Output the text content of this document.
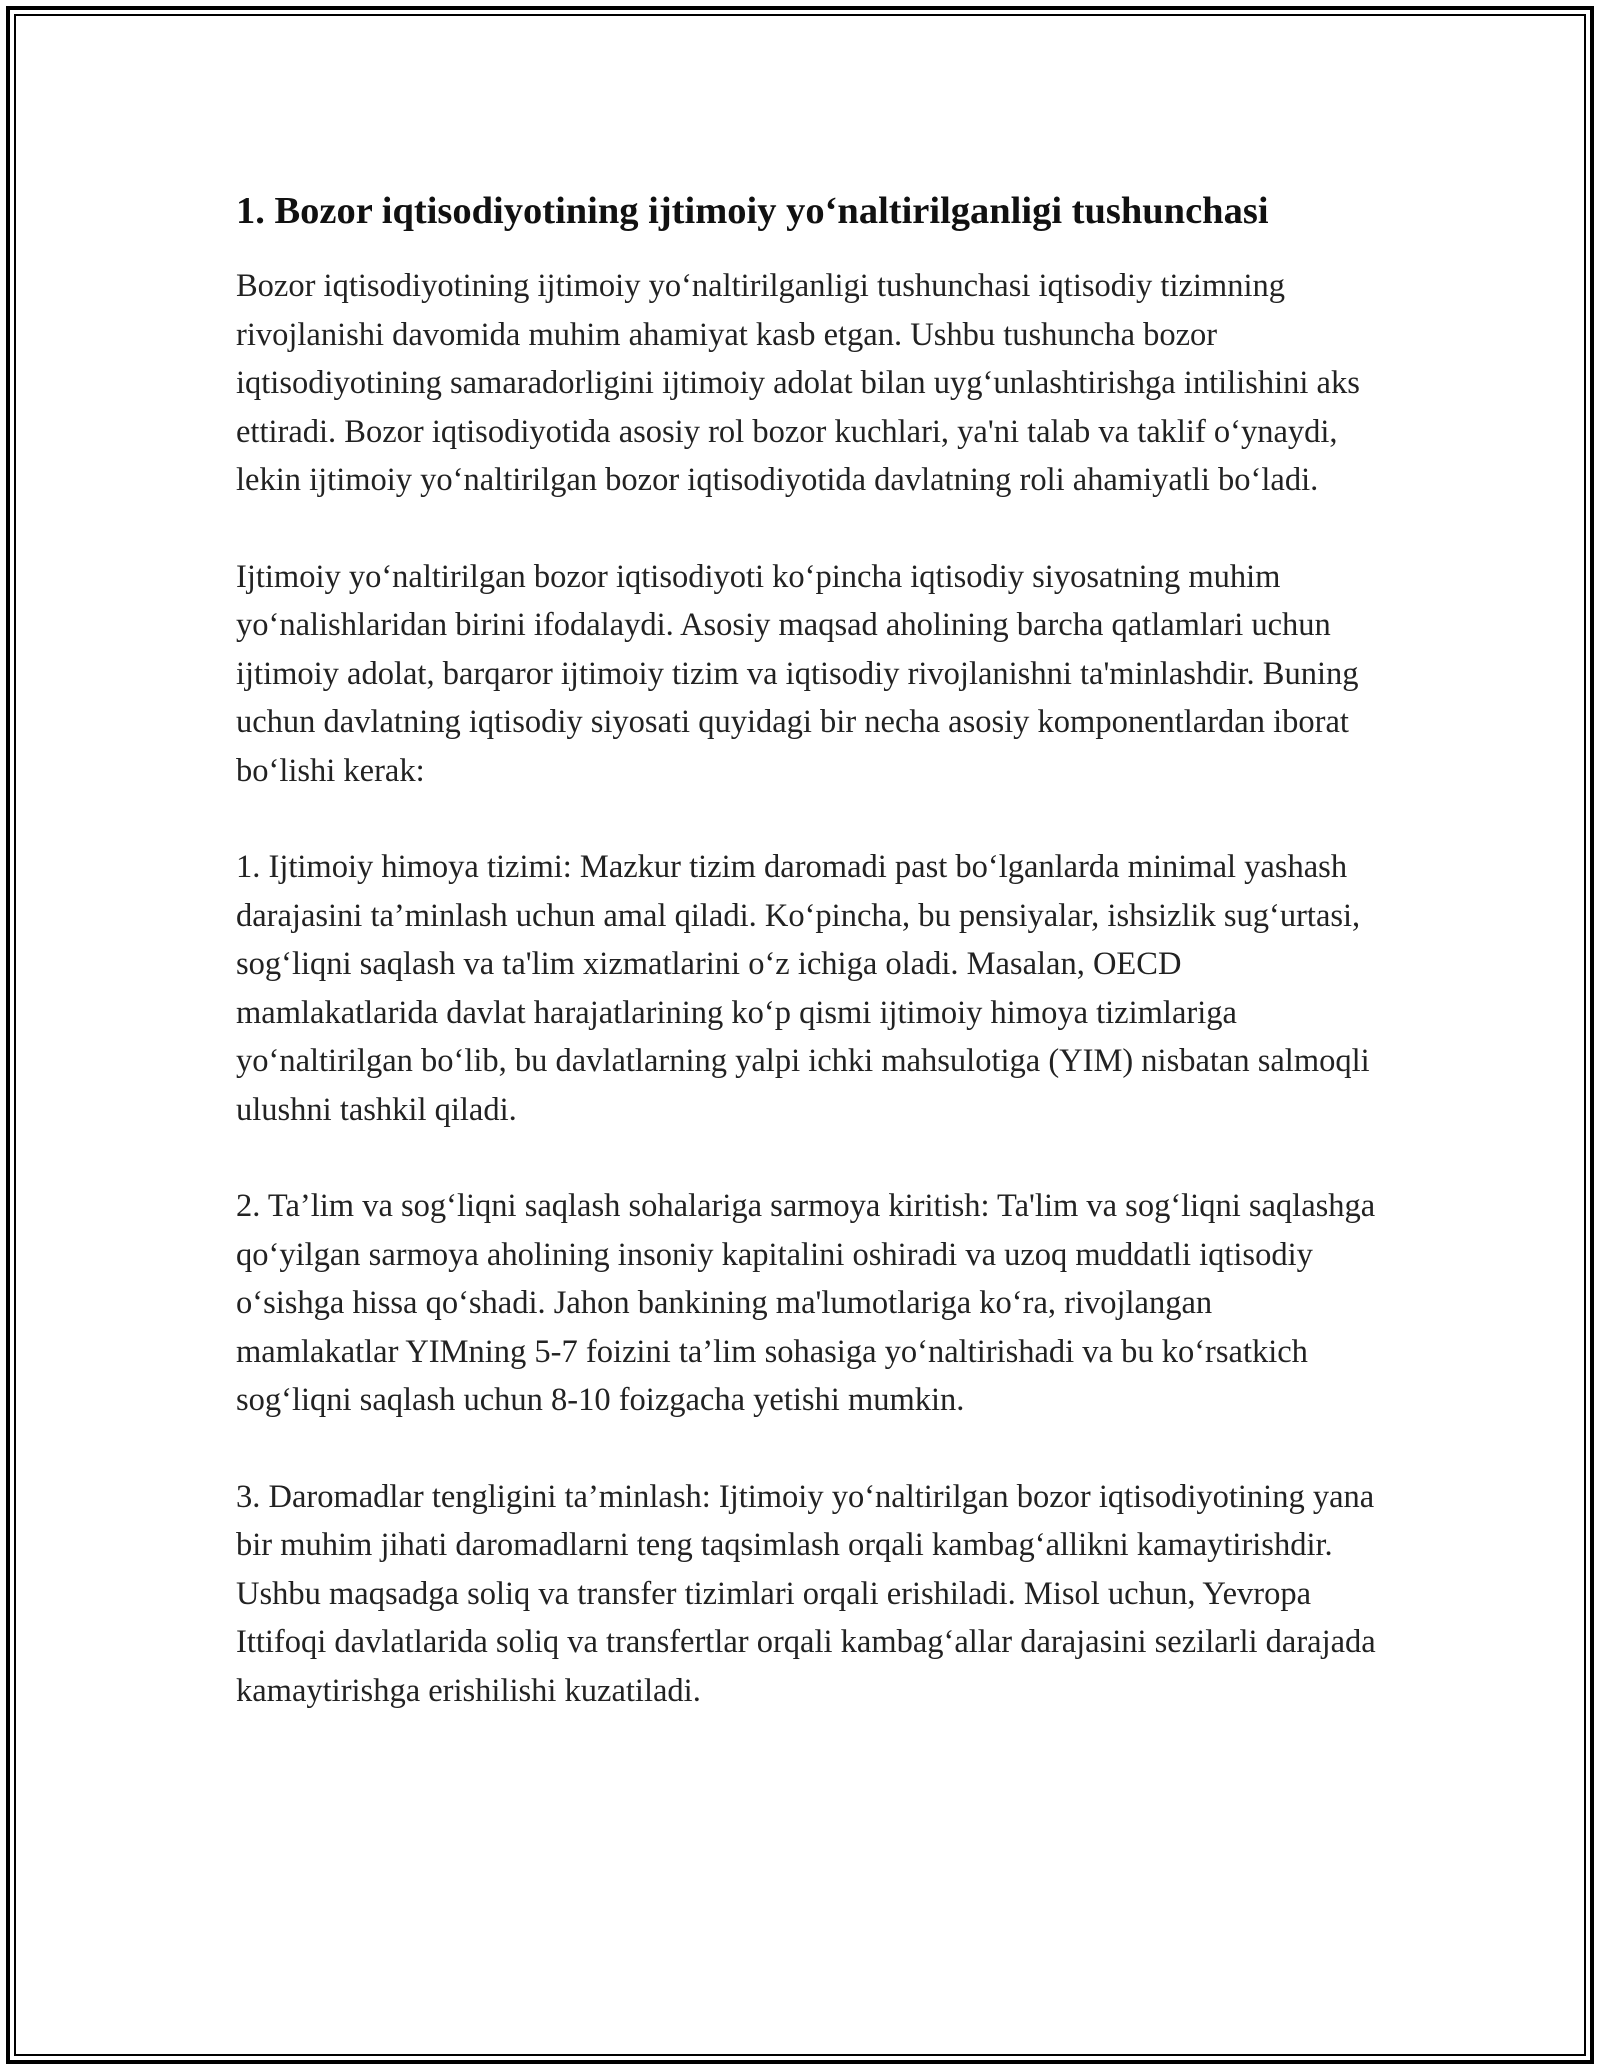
1. Bozor iqtisodiyotining ijtimoiy yoʻnaltirilganligi tushunchasi

Bozor iqtisodiyotining ijtimoiy yoʻnaltirilganligi tushunchasi iqtisodiy tizimning rivojlanishi davomida muhim ahamiyat kasb etgan. Ushbu tushuncha bozor iqtisodiyotining samaradorligini ijtimoiy adolat bilan uygʻunlashtirishga intilishini aks ettiradi. Bozor iqtisodiyotida asosiy rol bozor kuchlari, ya'ni talab va taklif oʻynaydi, lekin ijtimoiy yoʻnaltirilgan bozor iqtisodiyotida davlatning roli ahamiyatli boʻladi.

Ijtimoiy yoʻnaltirilgan bozor iqtisodiyoti koʻpincha iqtisodiy siyosatning muhim yoʻnalishlaridan birini ifodalaydi. Asosiy maqsad aholining barcha qatlamlari uchun ijtimoiy adolat, barqaror ijtimoiy tizim va iqtisodiy rivojlanishni ta'minlashdir. Buning uchun davlatning iqtisodiy siyosati quyidagi bir necha asosiy komponentlardan iborat boʻlishi kerak:

1. Ijtimoiy himoya tizimi: Mazkur tizim daromadi past boʻlganlarda minimal yashash darajasini ta’minlash uchun amal qiladi. Koʻpincha, bu pensiyalar, ishsizlik sugʻurtasi, sogʻliqni saqlash va ta'lim xizmatlarini oʻz ichiga oladi. Masalan, OECD mamlakatlarida davlat harajatlarining koʻp qismi ijtimoiy himoya tizimlariga yoʻnaltirilgan boʻlib, bu davlatlarning yalpi ichki mahsulotiga (YIM) nisbatan salmoqli ulushni tashkil qiladi.

2. Ta’lim va sogʻliqni saqlash sohalariga sarmoya kiritish: Ta'lim va sogʻliqni saqlashga qoʻyilgan sarmoya aholining insoniy kapitalini oshiradi va uzoq muddatli iqtisodiy oʻsishga hissa qoʻshadi. Jahon bankining ma'lumotlariga koʻra, rivojlangan mamlakatlar YIMning 5-7 foizini ta’lim sohasiga yoʻnaltirishadi va bu koʻrsatkich sogʻliqni saqlash uchun 8-10 foizgacha yetishi mumkin.

3. Daromadlar tengligini ta’minlash: Ijtimoiy yoʻnaltirilgan bozor iqtisodiyotining yana bir muhim jihati daromadlarni teng taqsimlash orqali kambagʻallikni kamaytirishdir. Ushbu maqsadga soliq va transfer tizimlari orqali erishiladi. Misol uchun, Yevropa Ittifoqi davlatlarida soliq va transfertlar orqali kambagʻallar darajasini sezilarli darajada kamaytirishga erishilishi kuzatiladi.
